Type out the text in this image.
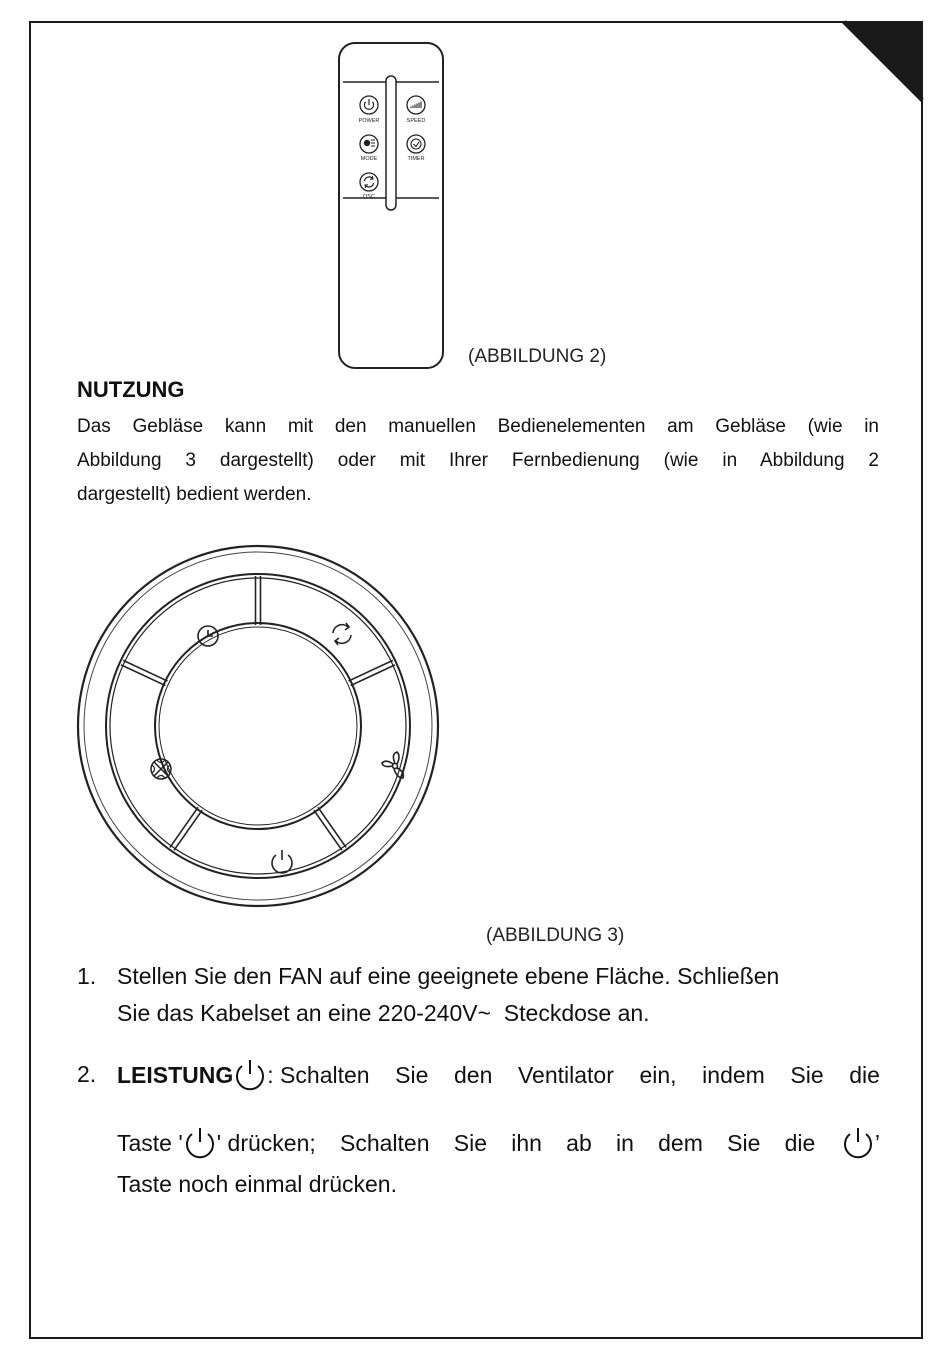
POWER	SPEED
MODE	TIMER
OSC
(ABBILDUNG 2)
NUTZUNG

Das Gebläse kann mit den manuellen Bedienelementen am Gebläse (wie in
Abbildung 3 dargestellt) oder mit Ihrer Fernbedienung (wie in Abbildung 2
dargestellt) bedient werden.

(ABBILDUNG 3)
1. Stellen Sie den FAN auf eine geeignete ebene Fläche. Schließen
Sie das Kabelset an eine 220-240V~  Steckdose an.
2. LEISTUNG : Schalten Sie den Ventilator ein, indem Sie die
Taste ' ' drücken; Schalten Sie ihn ab in dem Sie die	’
Taste noch einmal drücken.
